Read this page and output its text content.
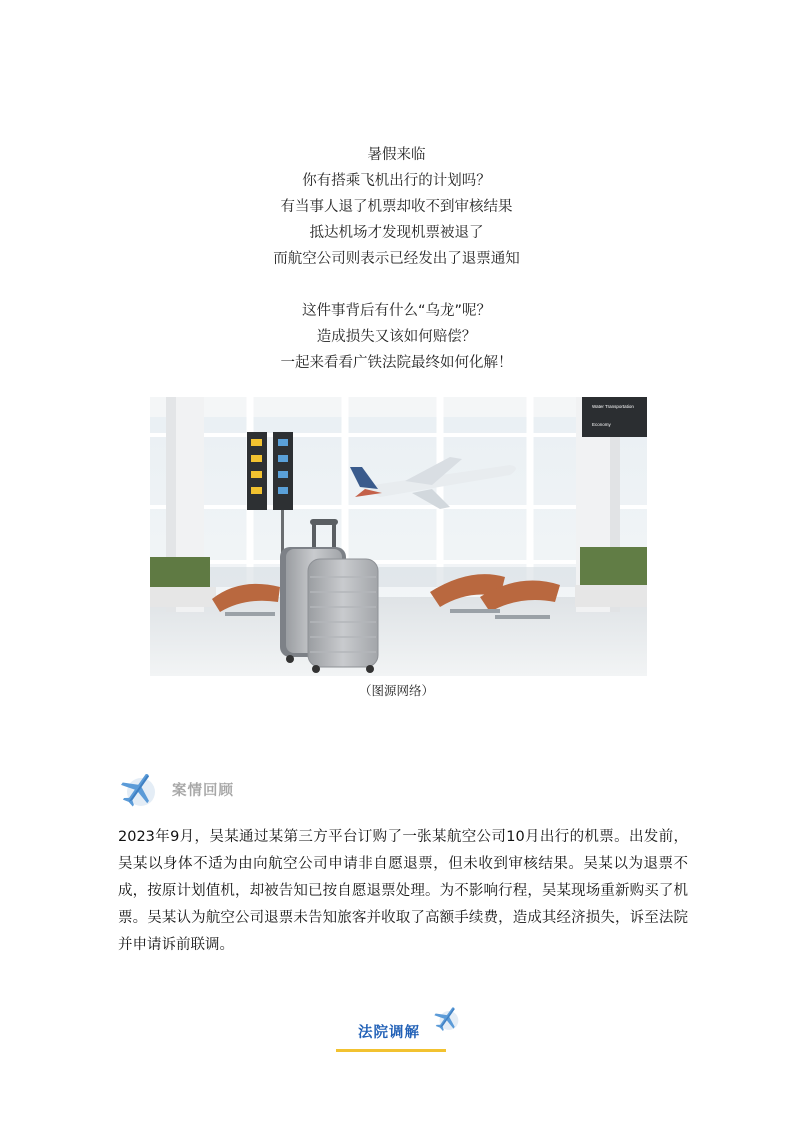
暑假来临
你有搭乘飞机出行的计划吗？
有当事人退了机票却收不到审核结果
抵达机场才发现机票被退了
而航空公司则表示已经发出了退票通知
这件事背后有什么“乌龙”呢？
造成损失又该如何赔偿？
一起来看看广铁法院最终如何化解！
Water Transportation
Economy
（图源网络）
案情回顾
2023年9月，吴某通过某第三方平台订购了一张某航空公司10月出行的机票。出发前，吴某以身体不适为由向航空公司申请非自愿退票，但未收到审核结果。吴某以为退票不成，按原计划值机，却被告知已按自愿退票处理。为不影响行程，吴某现场重新购买了机票。吴某认为航空公司退票未告知旅客并收取了高额手续费，造成其经济损失，诉至法院并申请诉前联调。
法院调解
